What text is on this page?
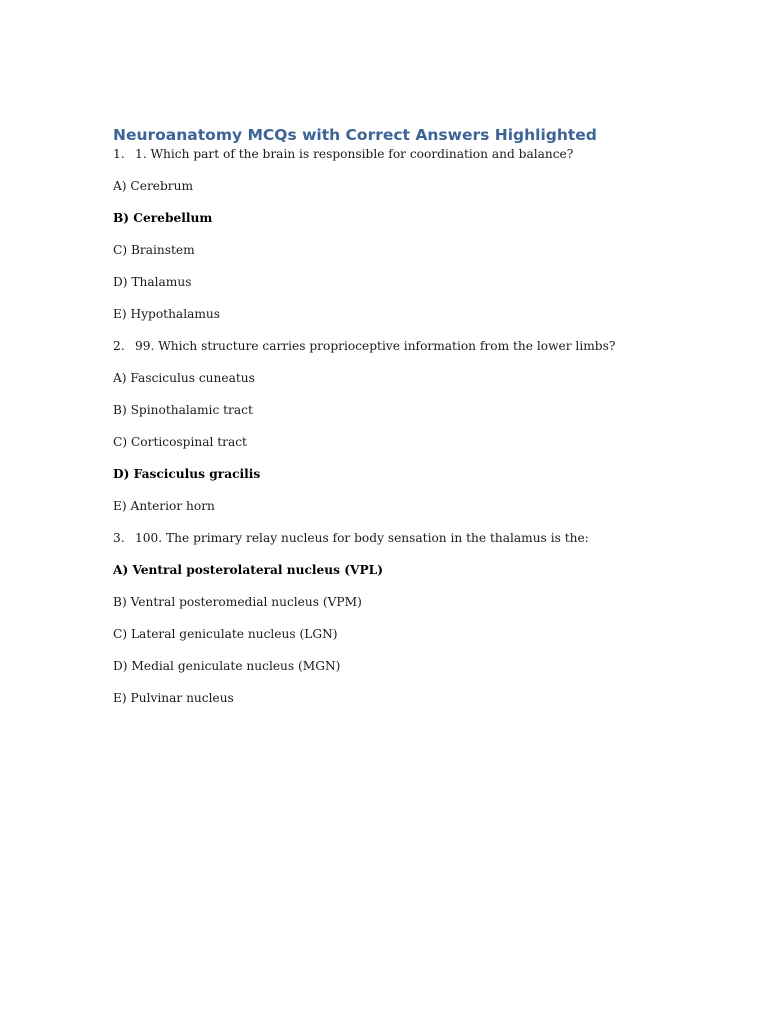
Neuroanatomy MCQs with Correct Answers Highlighted
1. 1. Which part of the brain is responsible for coordination and balance?
A) Cerebrum
B) Cerebellum
C) Brainstem
D) Thalamus
E) Hypothalamus
2. 99. Which structure carries proprioceptive information from the lower limbs?
A) Fasciculus cuneatus
B) Spinothalamic tract
C) Corticospinal tract
D) Fasciculus gracilis
E) Anterior horn
3. 100. The primary relay nucleus for body sensation in the thalamus is the:
A) Ventral posterolateral nucleus (VPL)
B) Ventral posteromedial nucleus (VPM)
C) Lateral geniculate nucleus (LGN)
D) Medial geniculate nucleus (MGN)
E) Pulvinar nucleus
